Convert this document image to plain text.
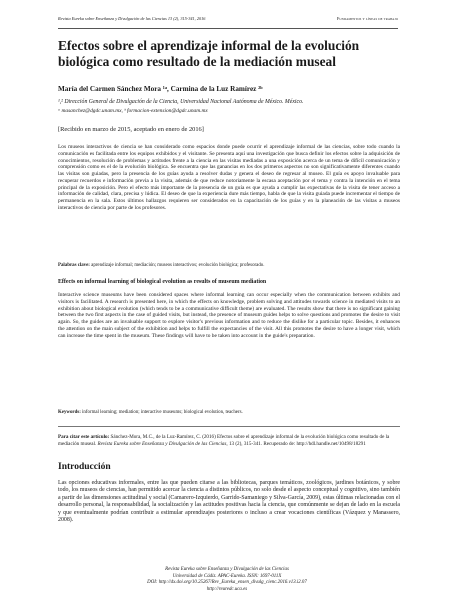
Revista Eureka sobre Enseñanza y Divulgación de las Ciencias 13 (2), 315-341, 2016	Fundamentos y líneas de trabajo
Efectos sobre el aprendizaje informal de la evolución biológica como resultado de la mediación museal
María del Carmen Sánchez Mora ¹ᵃ, Carmina de la Luz Ramírez ²ᵇ
¹,² Dirección General de Divulgación de la Ciencia, Universidad Nacional Autónoma de México. México.
ᵃ masanchez@dgdc.unam.mx, ᵇ formacion-extension@dgdc.unam.mx
[Recibido en marzo de 2015, aceptado en enero de 2016]

Los museos interactivos de ciencia se han considerado como espacios donde puede ocurrir el aprendizaje informal de las ciencias, sobre todo cuando la comunicación es facilitada entre los equipos exhibidos y el visitante. Se presenta aquí una investigación que busca definir los efectos sobre la adquisición de conocimientos, resolución de problemas y actitudes frente a la ciencia en las visitas mediadas a una exposición acerca de un tema de difícil comunicación y comprensión como es el de la evolución biológica. Se encuentra que las ganancias en los dos primeros aspectos no son significativamente diferentes cuando las visitas son guiadas, pero la presencia de los guías ayuda a resolver dudas y genera el deseo de regresar al museo. El guía es apoyo invaluable para recuperar recuerdos e información previa a la visita, además de que reduce notoriamente la escasa aceptación por el tema y contra la intención en el tema principal de la exposición. Pero el efecto más importante de la presencia de un guía es que ayuda a cumplir las expectativas de la visita de tener acceso a información de calidad, clara, precisa y lúdica. El deseo de que la experiencia dure más tiempo, habla de que la visita guiada puede incrementar el tiempo de permanencia en la sala. Estos últimos hallazgos requieren ser considerados en la capacitación de los guías y en la planeación de las visitas a museos interactivos de ciencia por parte de los profesores.

Palabras clave: aprendizaje informal; mediación; museos interactivos; evolución biológica; profesorado.
Effects on informal learning of biological evolution as results of museum mediation

Interactive science museums have been considered spaces where informal learning can occur especially when the communication between exhibits and visitors is facilitated. A research is presented here, in which the effects on knowledge, problem solving and attitudes towards science in mediated visits to an exhibition about biological evolution (which tends to be a communicative difficult theme) are evaluated. The results show that there is no significant gaining between the two first aspects in the case of guided visits, but instead, the presence of museum guides helps to solve questions and promotes the desire to visit again. So, the guides are an invaluable support to explore visitor's previous information and to reduce the dislike for a particular topic. Besides, it enhances the attention on the main subject of the exhibition and helps to fulfill the expectancies of the visit. All this promotes the desire to have a longer visit, which can increase the time spent in the museum. These findings will have to be taken into account in the guide's preparation.

Keywords: informal learning; mediation; interactive museums; biological evolution, teachers.

Para citar este artículo: Sánchez-Mora, M.C., de la Luz-Ramírez, C. (2016) Efectos sobre el aprendizaje informal de la evolución biológica como resultado de la mediación museal. Revista Eureka sobre Enseñanza y Divulgación de las Ciencias, 13 (2), 315-341. Recuperado de: http://hdl.handle.net/10498/18291

Introducción

Las opciones educativas informales, entre las que pueden citarse a las bibliotecas, parques temáticos, zoológicos, jardines botánicos, y sobre todo, los museos de ciencias, han permitido acercar la ciencia a distintos públicos, no solo desde el aspecto conceptual y cognitivo, sino también a partir de las dimensiones actitudinal y social (Camarero-Izquierdo, Garrido-Samaniego y Silva-García, 2009), estas últimas relacionadas con el desarrollo personal, la responsabilidad, la socialización y las actitudes positivas hacia la ciencia, que comúnmente se dejan de lado en la escuela y que eventualmente podrían contribuir a estimular aprendizajes posteriores o incluso a crear vocaciones científicas (Vázquez y Manassero, 2008).

Revista Eureka sobre Enseñanza y Divulgación de las Ciencias
Universidad de Cádiz. APAC-Eureka. ISSN: 1697-011X
DOI: http://dx.doi.org/10.25267/Rev_Eureka_ensen_divulg_cienc.2016.v13.i2.07
http://reuredc.uca.es
